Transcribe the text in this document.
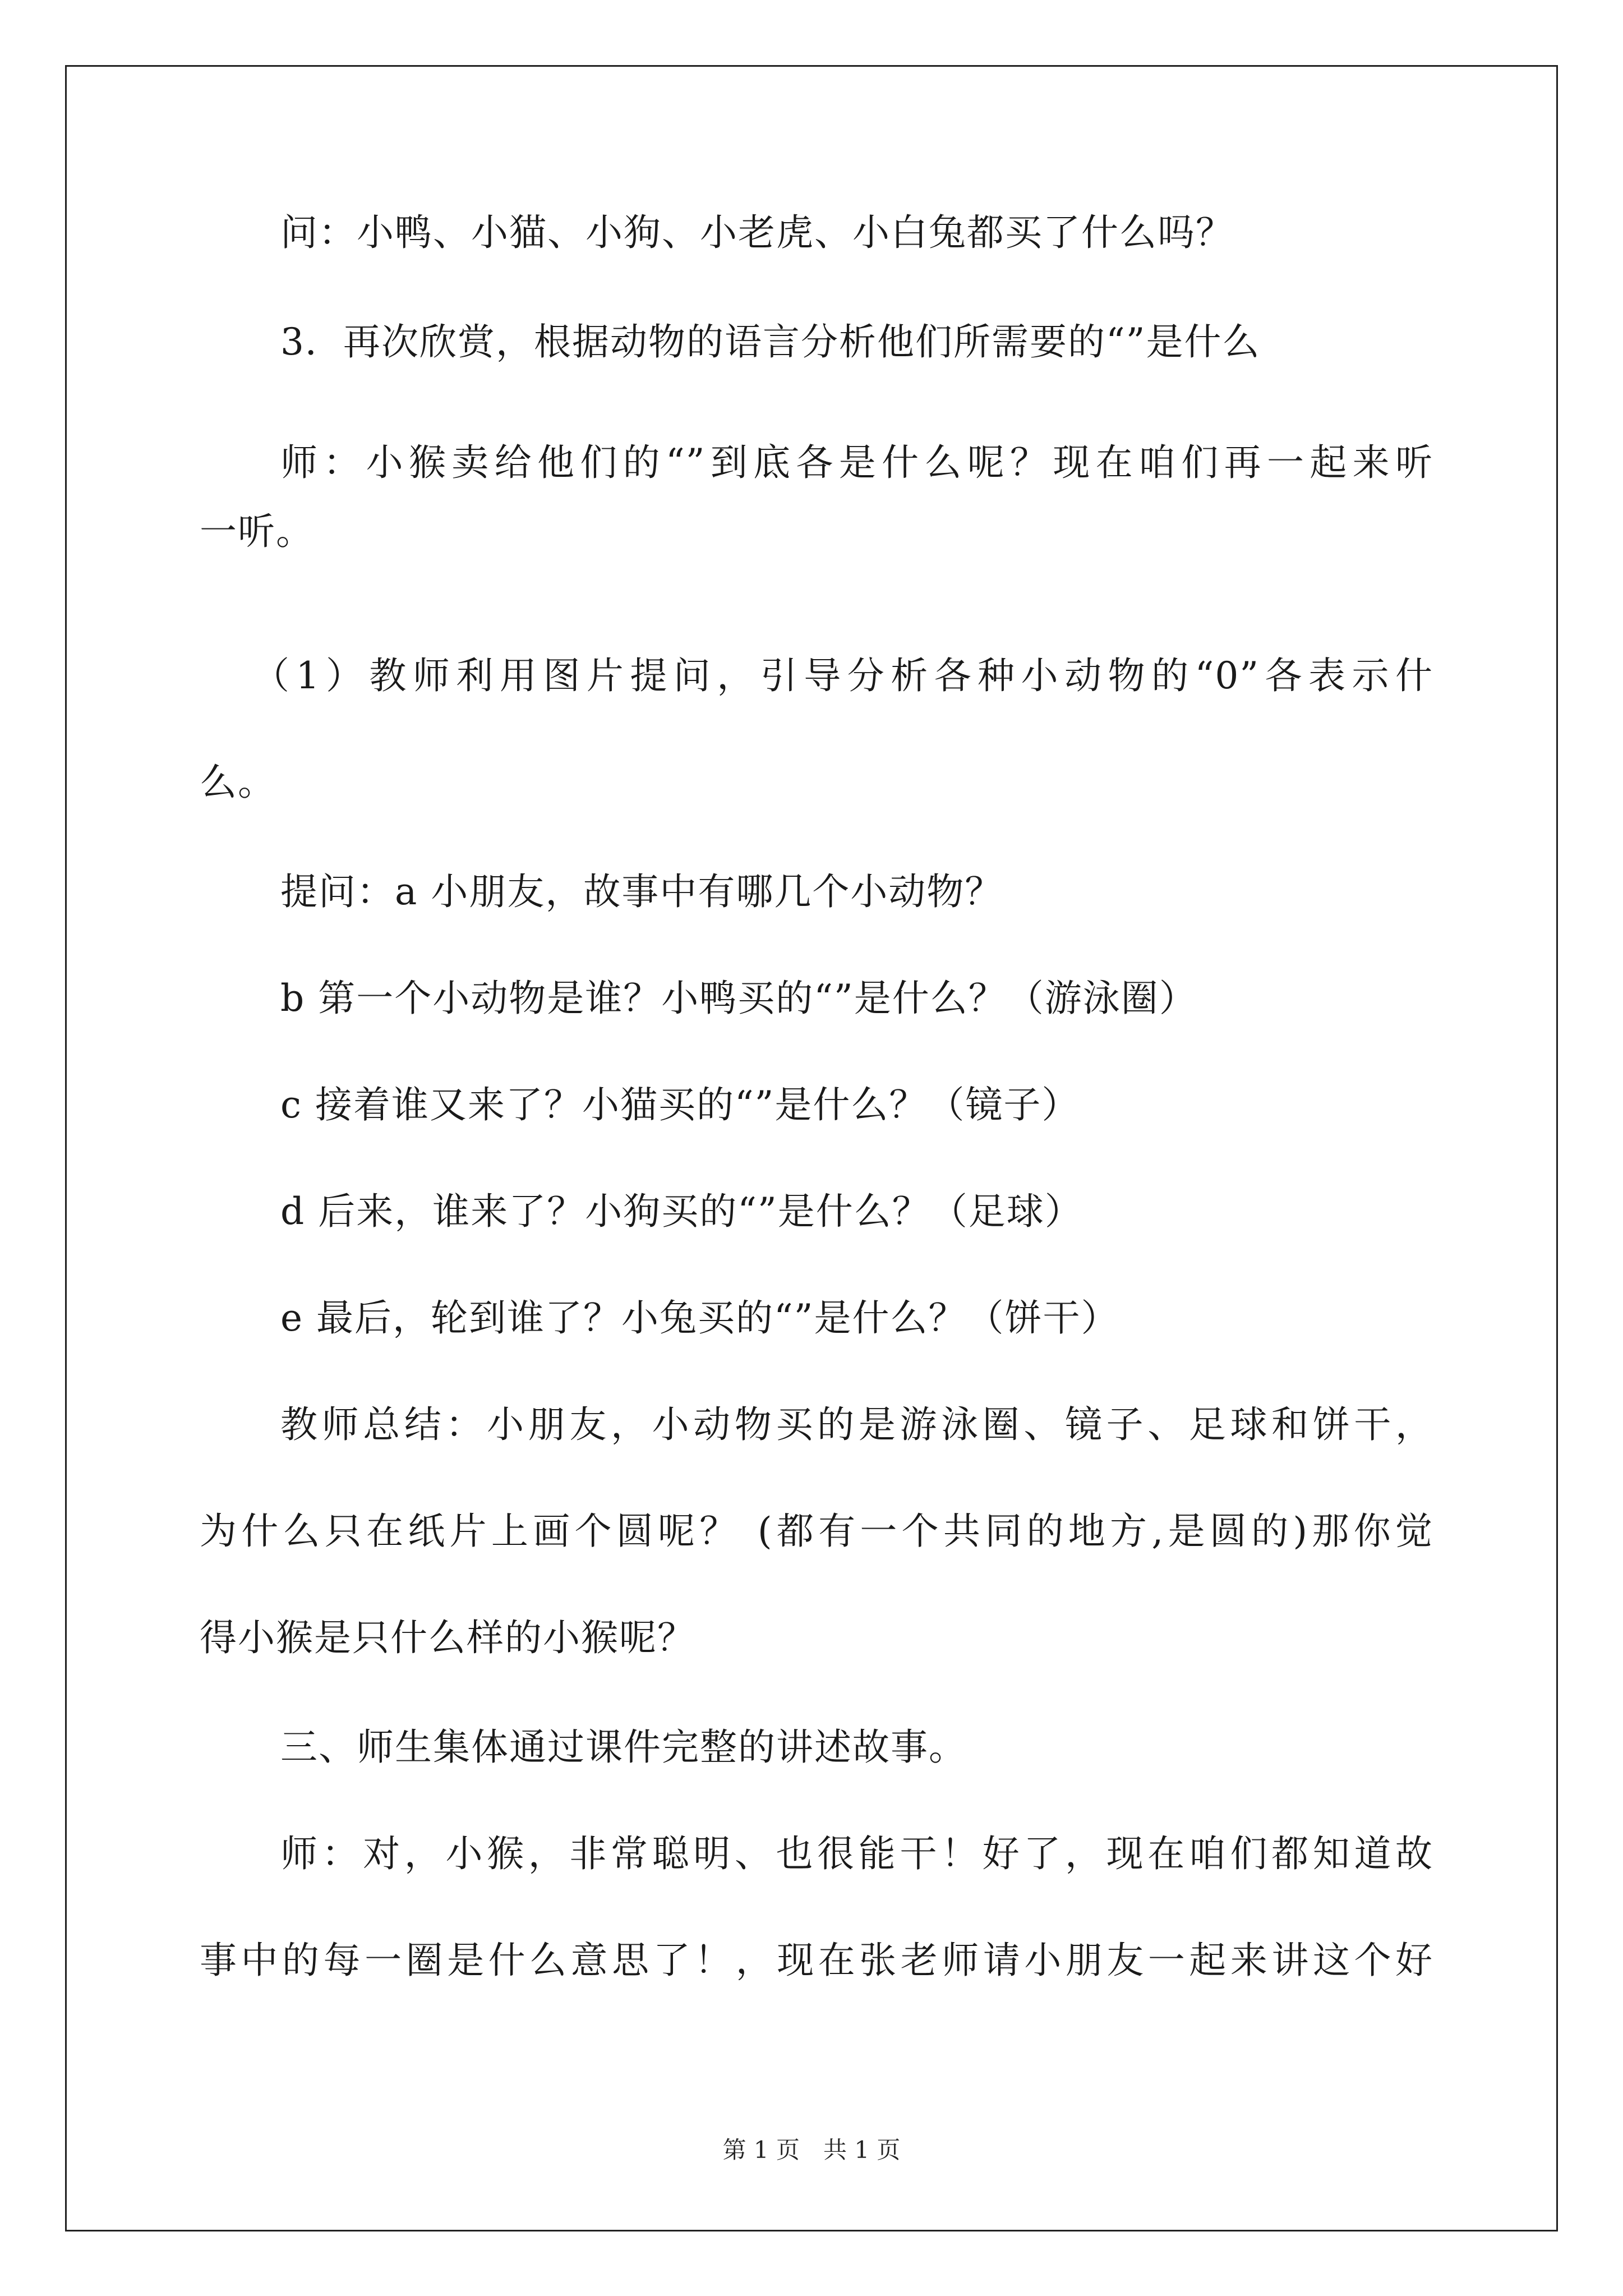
问：小鸭、小猫、小狗、小老虎、小白兔都买了什么吗？
3．再次欣赏，根据动物的语言分析他们所需要的“”是什么
师：小猴卖给他们的“”到底各是什么呢？现在咱们再一起来听
一听。
（1）教师利用图片提问，引导分析各种小动物的“0”各表示什
么。
提问：a 小朋友，故事中有哪几个小动物？
b 第一个小动物是谁？小鸭买的“”是什么？（游泳圈）
c 接着谁又来了？小猫买的“”是什么？（镜子）
d 后来，谁来了？小狗买的“”是什么？（足球）
e 最后，轮到谁了？小兔买的“”是什么？（饼干）
教师总结：小朋友，小动物买的是游泳圈、镜子、足球和饼干，
为什么只在纸片上画个圆呢？ (都有一个共同的地方,是圆的)那你觉
得小猴是只什么样的小猴呢？
三、师生集体通过课件完整的讲述故事。
师：对，小猴，非常聪明、也很能干！好了，现在咱们都知道故
事中的每一圈是什么意思了！，现在张老师请小朋友一起来讲这个好
第 1 页　共 1 页
